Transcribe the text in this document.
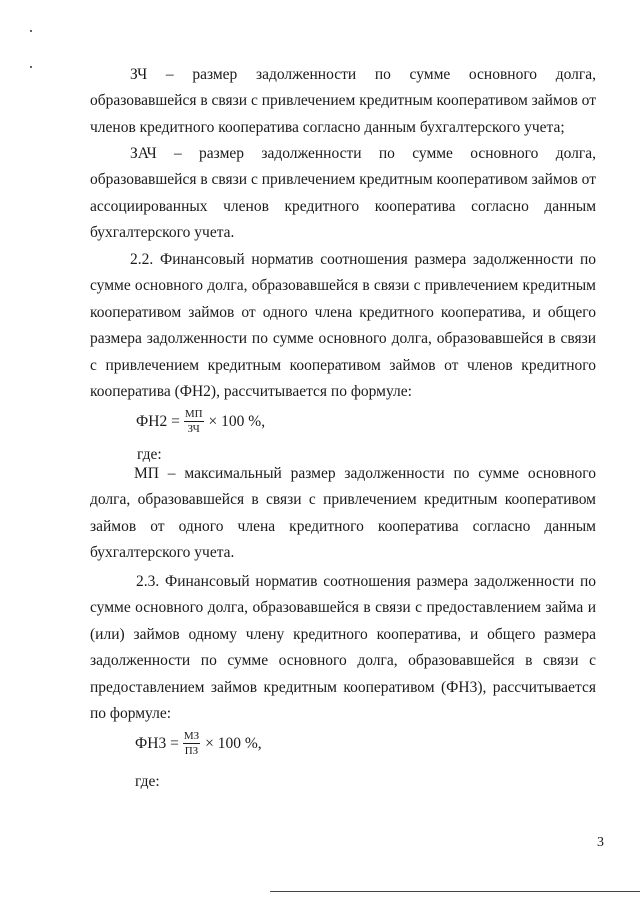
ЗЧ – размер задолженности по сумме основного долга, образовавшейся в связи с привлечением кредитным кооперативом займов от членов кредитного кооператива согласно данным бухгалтерского учета;
ЗАЧ – размер задолженности по сумме основного долга, образовавшейся в связи с привлечением кредитным кооперативом займов от ассоциированных членов кредитного кооператива согласно данным бухгалтерского учета.
2.2. Финансовый норматив соотношения размера задолженности по сумме основного долга, образовавшейся в связи с привлечением кредитным кооперативом займов от одного члена кредитного кооператива, и общего размера задолженности по сумме основного долга, образовавшейся в связи с привлечением кредитным кооперативом займов от членов кредитного кооператива (ФН2), рассчитывается по формуле:
$ФН2 = \frac{МП}{ЗЧ} \times 100$ %,
где:
МП – максимальный размер задолженности по сумме основного долга, образовавшейся в связи с привлечением кредитным кооперативом займов от одного члена кредитного кооператива согласно данным бухгалтерского учета.
2.3. Финансовый норматив соотношения размера задолженности по сумме основного долга, образовавшейся в связи с предоставлением займа и (или) займов одному члену кредитного кооператива, и общего размера задолженности по сумме основного долга, образовавшейся в связи с предоставлением займов кредитным кооперативом (ФН3), рассчитывается по формуле:
$ФН3 = \frac{МЗ}{ПЗ} \times 100$ %,
где:
3
